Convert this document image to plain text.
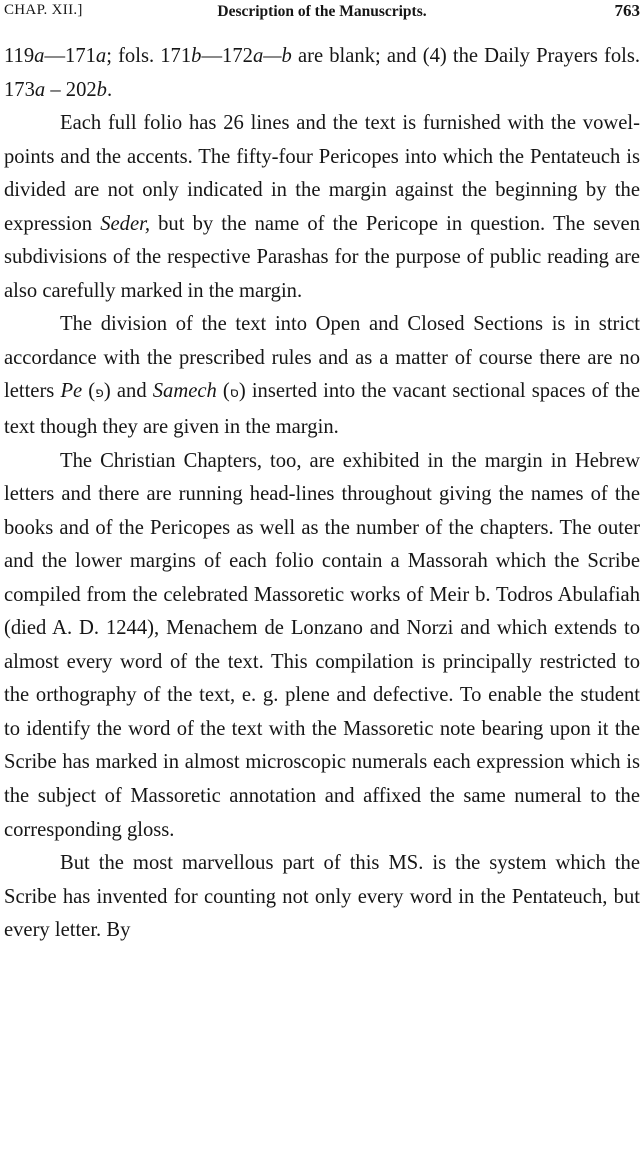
CHAP. XII.]	Description of the Manuscripts.	763

119a—171a; fols. 171b—172a—b are blank; and (4) the Daily Prayers fols. 173a – 202b.

Each full folio has 26 lines and the text is furnished with the vowel-points and the accents. The fifty-four Pericopes into which the Pentateuch is divided are not only indicated in the margin against the beginning by the expression Seder, but by the name of the Pericope in question. The seven subdivisions of the respective Parashas for the purpose of public reading are also carefully marked in the margin.

The division of the text into Open and Closed Sections is in strict accordance with the prescribed rules and as a matter of course there are no letters Pe (פ) and Samech (ס) inserted into the vacant sectional spaces of the text though they are given in the margin.

The Christian Chapters, too, are exhibited in the margin in Hebrew letters and there are running head-lines throughout giving the names of the books and of the Pericopes as well as the number of the chapters. The outer and the lower margins of each folio contain a Massorah which the Scribe compiled from the celebrated Massoretic works of Meir b. Todros Abulafiah (died A. D. 1244), Menachem de Lonzano and Norzi and which extends to almost every word of the text. This compilation is principally restricted to the orthography of the text, e. g. plene and defective. To enable the student to identify the word of the text with the Massoretic note bearing upon it the Scribe has marked in almost microscopic numerals each expression which is the subject of Massoretic annotation and affixed the same numeral to the corresponding gloss.

But the most marvellous part of this MS. is the system which the Scribe has invented for counting not only every word in the Pentateuch, but every letter. By
